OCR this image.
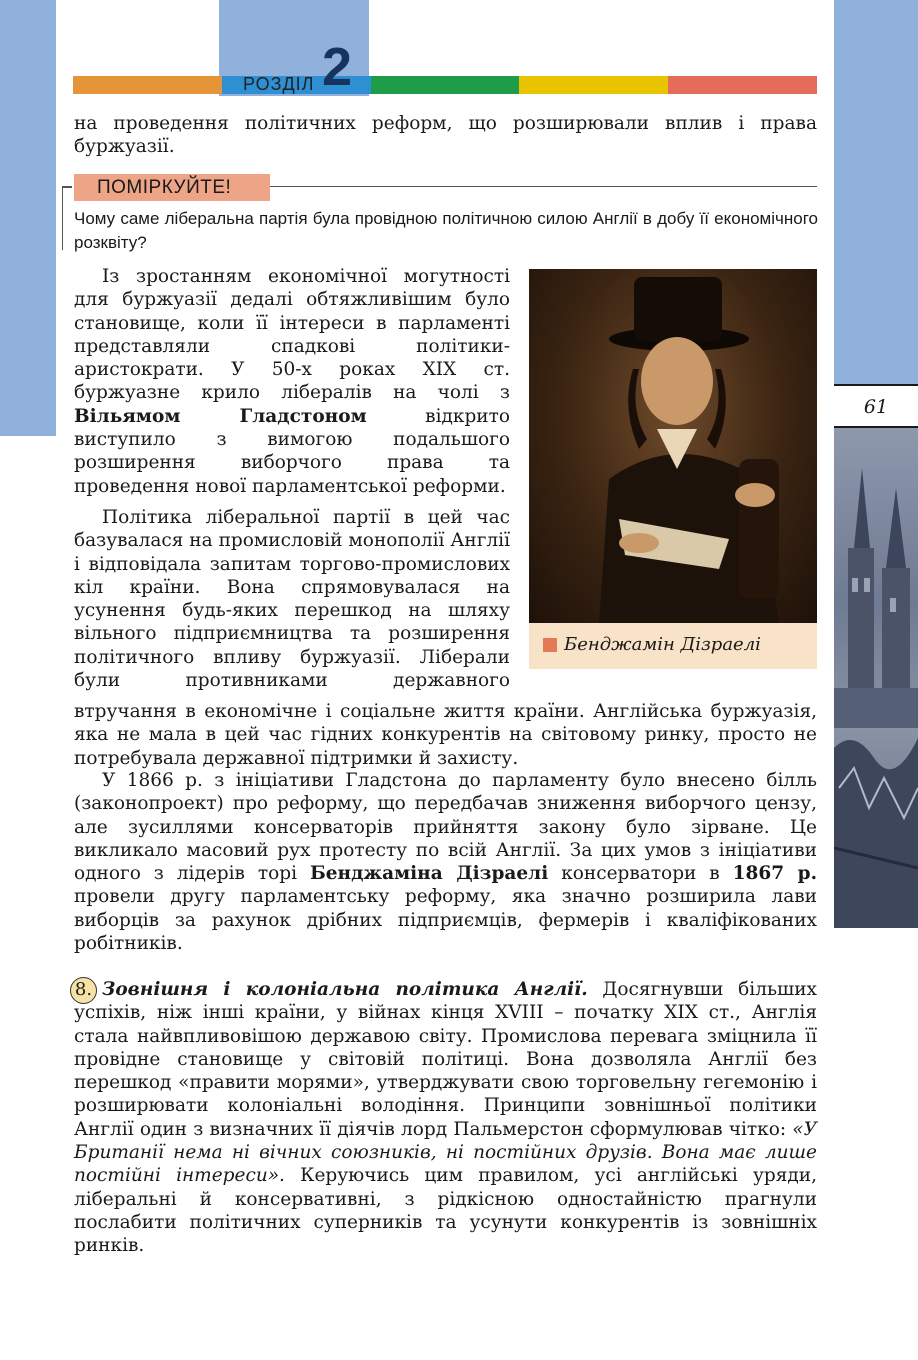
61
РОЗДІЛ 2

на проведення політичних реформ, що розширювали вплив і права буржуазії.

ПОМІРКУЙТЕ!

Чому саме ліберальна партія була провідною політичною силою Англії в добу її економічного розквіту?

Бенджамін Дізраелі

Із зростанням економічної могутності для буржуазії дедалі обтяжливішим було становище, коли її інтереси в парламенті представляли спадкові політики-аристократи. У 50-х роках XIX ст. буржуазне крило лібералів на чолі з Вільямом Гладстоном відкрито виступило з вимогою подальшого розширення виборчого права та проведення нової парламентської реформи.

Політика ліберальної партії в цей час базувалася на промисловій монополії Англії і відповідала запитам торгово-промислових кіл країни. Вона спрямовувалася на усунення будь-яких перешкод на шляху вільного підприємництва та розширення політичного впливу буржуазії. Ліберали були противниками державного

втручання в економічне і соціальне життя країни. Англійська буржуазія, яка не мала в цей час гідних конкурентів на світовому ринку, просто не потребувала державної підтримки й захисту.

У 1866 р. з ініціативи Гладстона до парламенту було внесено білль (законопроект) про реформу, що передбачав зниження виборчого цензу, але зусиллями консерваторів прийняття закону було зірване. Це викликало масовий рух протесту по всій Англії. За цих умов з ініціативи одного з лідерів торі Бенджаміна Дізраелі консерватори в 1867 р. провели другу парламентську реформу, яка значно розширила лави виборців за рахунок дрібних підприємців, фермерів і кваліфікованих робітників.

8. Зовнішня і колоніальна політика Англії. Досягнувши більших успіхів, ніж інші країни, у війнах кінця XVIII – початку XIX ст., Англія стала найвпливовішою державою світу. Промислова перевага зміцнила її провідне становище у світовій політиці. Вона дозволяла Англії без перешкод «правити морями», утверджувати свою торговельну гегемонію і розширювати колоніальні володіння. Принципи зовнішньої політики Англії один з визначних її діячів лорд Пальмерстон сформулював чітко: «У Британії нема ні вічних союзників, ні постійних друзів. Вона має лише постійні інтереси». Керуючись цим правилом, усі англійські уряди, ліберальні й консервативні, з рідкісною одностайністю прагнули послабити політичних суперників та усунути конкурентів із зовнішніх ринків.
